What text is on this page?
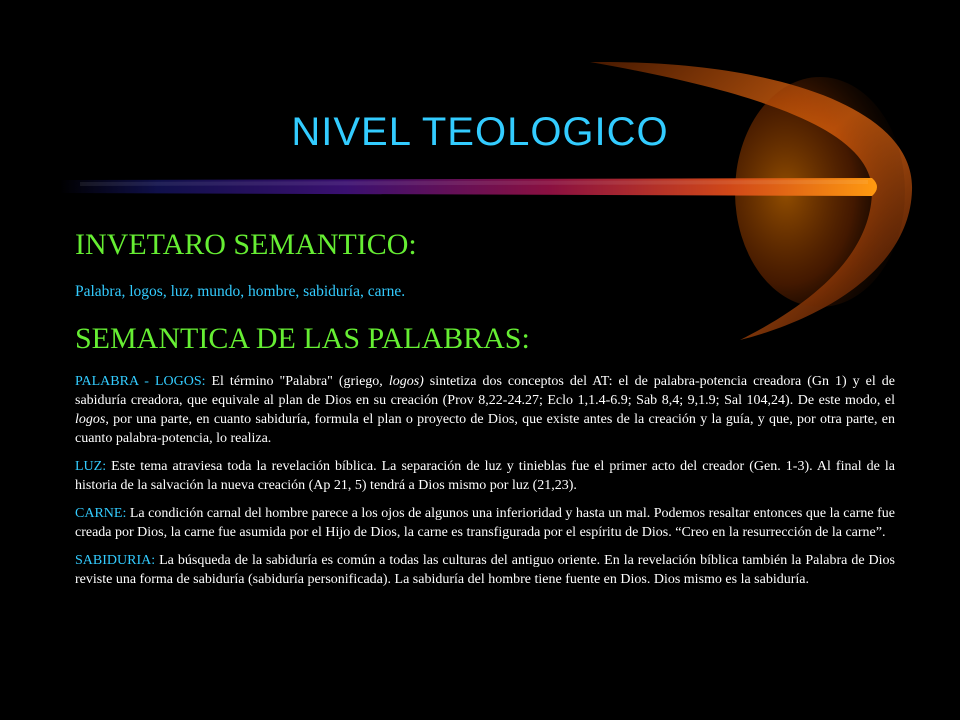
NIVEL TEOLOGICO
INVETARO SEMANTICO:
Palabra, logos, luz, mundo, hombre, sabiduría, carne.
SEMANTICA DE LAS PALABRAS:

PALABRA - LOGOS: El término "Palabra" (griego, logos) sintetiza dos conceptos del AT: el de palabra-potencia creadora (Gn 1) y el de sabiduría creadora, que equivale al plan de Dios en su creación (Prov 8,22-24.27; Eclo 1,1.4-6.9; Sab 8,4; 9,1.9; Sal 104,24). De este modo, el logos, por una parte, en cuanto sabiduría, formula el plan o proyecto de Dios, que existe antes de la creación y la guía, y que, por otra parte, en cuanto palabra-potencia, lo realiza.

LUZ: Este tema atraviesa toda la revelación bíblica. La separación de luz y tinieblas fue el primer acto del creador (Gen. 1-3). Al final de la historia de la salvación la nueva creación (Ap 21, 5) tendrá a Dios mismo por luz (21,23).

CARNE: La condición carnal del hombre parece a los ojos de algunos una inferioridad y hasta un mal. Podemos resaltar entonces que la carne fue creada por Dios, la carne fue asumida por el Hijo de Dios, la carne es transfigurada por el espíritu de Dios. “Creo en la resurrección de la carne”.

SABIDURIA: La búsqueda de la sabiduría es común a todas las culturas del antiguo oriente. En la revelación bíblica también la Palabra de Dios reviste una forma de sabiduría (sabiduría personificada). La sabiduría del hombre tiene fuente en Dios. Dios mismo es la sabiduría.
